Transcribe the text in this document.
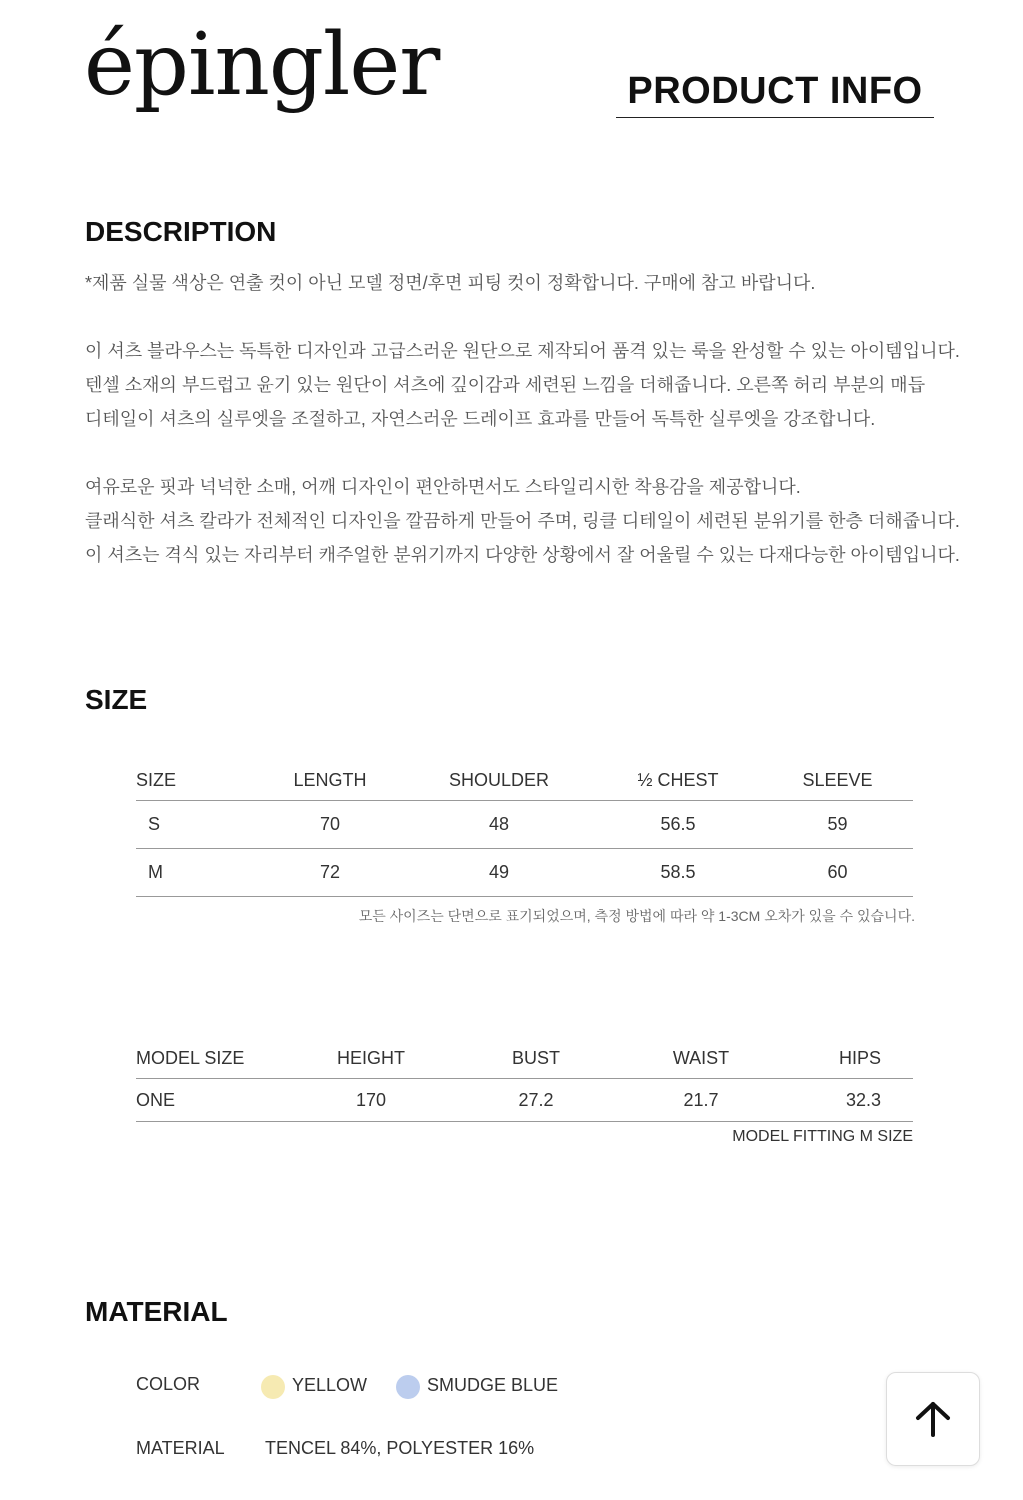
épingler	PRODUCT INFO
DESCRIPTION

*제품 실물 색상은 연출 컷이 아닌 모델 정면/후면 피팅 컷이 정확합니다. 구매에 참고 바랍니다.

이 셔츠 블라우스는 독특한 디자인과 고급스러운 원단으로 제작되어 품격 있는 룩을 완성할 수 있는 아이템입니다.
텐셀 소재의 부드럽고 윤기 있는 원단이 셔츠에 깊이감과 세련된 느낌을 더해줍니다. 오른쪽 허리 부분의 매듭
디테일이 셔츠의 실루엣을 조절하고, 자연스러운 드레이프 효과를 만들어 독특한 실루엣을 강조합니다.

여유로운 핏과 넉넉한 소매, 어깨 디자인이 편안하면서도 스타일리시한 착용감을 제공합니다.
클래식한 셔츠 칼라가 전체적인 디자인을 깔끔하게 만들어 주며, 링클 디테일이 세련된 분위기를 한층 더해줍니다.
이 셔츠는 격식 있는 자리부터 캐주얼한 분위기까지 다양한 상황에서 잘 어울릴 수 있는 다재다능한 아이템입니다.

SIZE
SIZE	LENGTH	SHOULDER	½ CHEST	SLEEVE
S	70	48	56.5	59
M	72	49	58.5	60
모든 사이즈는 단면으로 표기되었으며, 측정 방법에 따라 약 1-3CM 오차가 있을 수 있습니다.
MODEL SIZE	HEIGHT	BUST	WAIST	HIPS
ONE	170	27.2	21.7	32.3
MODEL FITTING M SIZE
MATERIAL
COLOR	YELLOW	SMUDGE BLUE
MATERIAL TENCEL 84%, POLYESTER 16%
